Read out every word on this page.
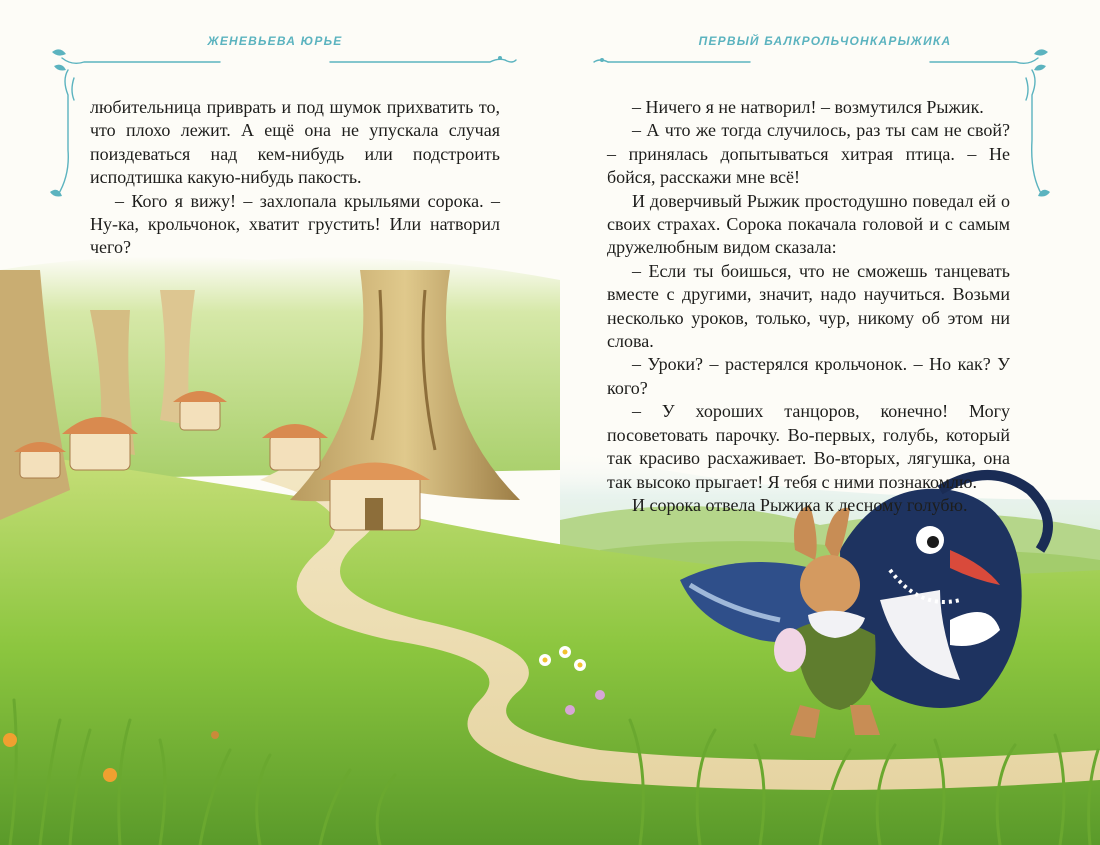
ЖЕНЕВЬЕВА ЮРЬЕ

любительница приврать и под шумок прихватить то, что плохо лежит. А ещё она не упускала случая поиздеваться над кем-нибудь или подстроить исподтишка какую-нибудь пакость.

– Кого я вижу! – захлопала крыльями сорока. – Ну-ка, крольчонок, хватит грустить! Или натворил чего?

ПЕРВЫЙ БАЛКРОЛЬЧОНКАРЫЖИКА

– Ничего я не натворил! – возмутился Рыжик.

– А что же тогда случилось, раз ты сам не свой? – принялась допытываться хитрая птица. – Не бойся, расскажи мне всё!

И доверчивый Рыжик простодушно поведал ей о своих страхах. Сорока покачала головой и с самым дружелюбным видом сказала:

– Если ты боишься, что не сможешь танцевать вместе с другими, значит, надо научиться. Возьми несколько уроков, только, чур, никому об этом ни слова.

– Уроки? – растерялся крольчонок. – Но как? У кого?

– У хороших танцоров, конечно! Могу посоветовать парочку. Во-первых, голубь, который так красиво расхаживает. Во-вторых, лягушка, она так высоко прыгает! Я тебя с ними познакомлю.

И сорока отвела Рыжика к лесному голубю.
